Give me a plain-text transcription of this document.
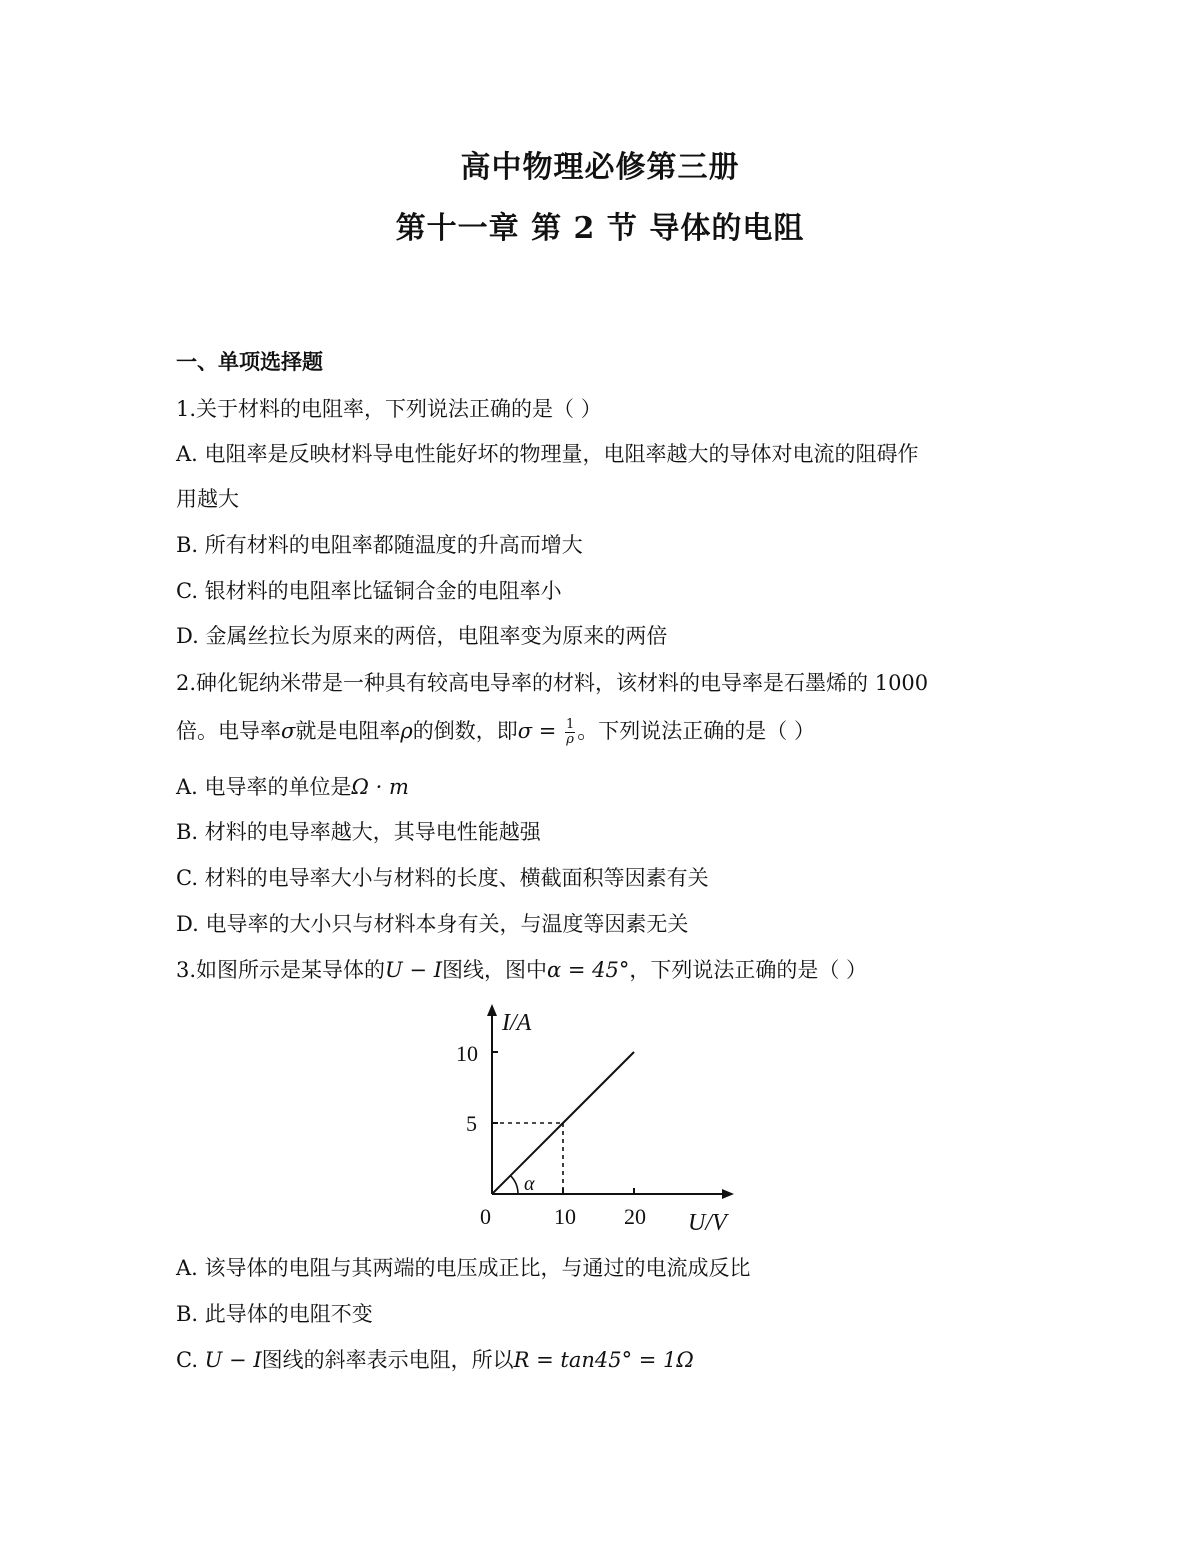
高中物理必修第三册
第十一章 第 2 节 导体的电阻
一、单项选择题
1.关于材料的电阻率，下列说法正确的是（ ）
A. 电阻率是反映材料导电性能好坏的物理量，电阻率越大的导体对电流的阻碍作
用越大
B. 所有材料的电阻率都随温度的升高而增大
C. 银材料的电阻率比锰铜合金的电阻率小
D. 金属丝拉长为原来的两倍，电阻率变为原来的两倍
2.砷化铌纳米带是一种具有较高电导率的材料，该材料的电导率是石墨烯的 1000
倍。电导率σ就是电阻率ρ的倒数，即$\sigma = \frac{1}{\rho}$ 。下列说法正确的是（ ）
A. 电导率的单位是Ω · m
B. 材料的电导率越大，其导电性能越强
C. 材料的电导率大小与材料的长度、横截面积等因素有关
D. 电导率的大小只与材料本身有关，与温度等因素无关
3.如图所示是某导体的U − I图线，图中α = 45°，下列说法正确的是（ ）
I/A
U/V
0	10 20
5
10
α
A. 该导体的电阻与其两端的电压成正比，与通过的电流成反比
B. 此导体的电阻不变
C. U − I图线的斜率表示电阻，所以R = tan45° = 1Ω
